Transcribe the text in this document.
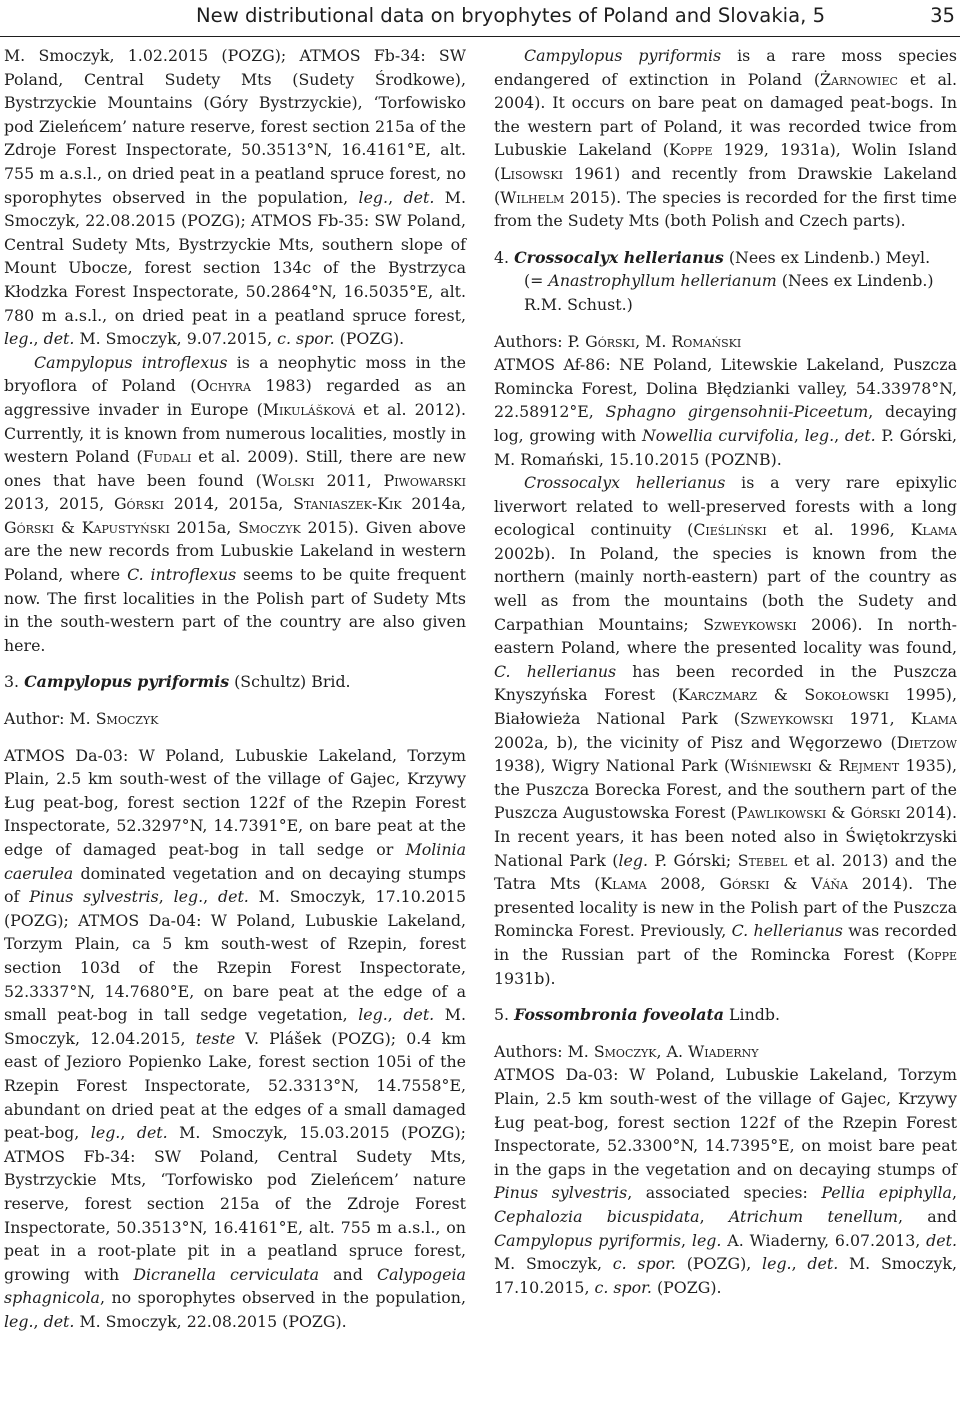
New distributional data on bryophytes of Poland and Slovakia, 5	35

M. Smoczyk, 1.02.2015 (POZG); ATMOS Fb-34: SW Poland, Central Sudety Mts (Sudety Środkowe), Bystrzyckie Mountains (Góry Bystrzyckie), ‘Torfowisko pod Zieleńcem’ nature reserve, forest section 215a of the Zdroje Forest Inspectorate, 50.3513°N, 16.4161°E, alt. 755 m a.s.l., on dried peat in a peatland spruce forest, no sporophytes observed in the population, leg., det. M. Smoczyk, 22.08.2015 (POZG); ATMOS Fb-35: SW Poland, Central Sudety Mts, Bystrzyckie Mts, southern slope of Mount Ubocze, forest section 134c of the Bystrzyca Kłodzka Forest Inspectorate, 50.2864°N, 16.5035°E, alt. 780 m a.s.l., on dried peat in a peatland spruce forest, leg., det. M. Smoczyk, 9.07.2015, c. spor. (POZG).

Campylopus introflexus is a neophytic moss in the bryoflora of Poland (Ochyra 1983) regarded as an aggressive invader in Europe (Mikulášková et al. 2012). Currently, it is known from numerous localities, mostly in western Poland (Fudali et al. 2009). Still, there are new ones that have been found (Wolski 2011, Piwowarski 2013, 2015, Górski 2014, 2015a, Staniaszek-Kik 2014a, Górski & Kapustyński 2015a, Smoczyk 2015). Given above are the new records from Lubuskie Lakeland in western Poland, where C. introflexus seems to be quite frequent now. The first localities in the Polish part of Sudety Mts in the south-western part of the country are also given here.

3. Campylopus pyriformis (Schultz) Brid.

Author: M. Smoczyk

ATMOS Da-03: W Poland, Lubuskie Lakeland, Torzym Plain, 2.5 km south-west of the village of Gajec, Krzywy Ług peat-bog, forest section 122f of the Rzepin Forest Inspectorate, 52.3297°N, 14.7391°E, on bare peat at the edge of damaged peat-bog in tall sedge or Molinia caerulea dominated vegetation and on decaying stumps of Pinus sylvestris, leg., det. M. Smoczyk, 17.10.2015 (POZG); ATMOS Da-04: W Poland, Lubuskie Lakeland, Torzym Plain, ca 5 km south-west of Rzepin, forest section 103d of the Rzepin Forest Inspectorate, 52.3337°N, 14.7680°E, on bare peat at the edge of a small peat-bog in tall sedge vegetation, leg., det. M. Smoczyk, 12.04.2015, teste V. Plášek (POZG); 0.4 km east of Jezioro Popienko Lake, forest section 105i of the Rzepin Forest Inspectorate, 52.3313°N, 14.7558°E, abundant on dried peat at the edges of a small damaged peat-bog, leg., det. M. Smoczyk, 15.03.2015 (POZG); ATMOS Fb-34: SW Poland, Central Sudety Mts, Bystrzyckie Mts, ‘Torfowisko pod Zieleńcem’ nature reserve, forest section 215a of the Zdroje Forest Inspectorate, 50.3513°N, 16.4161°E, alt. 755 m a.s.l., on peat in a root-plate pit in a peatland spruce forest, growing with Dicranella cerviculata and Calypogeia sphagnicola, no sporophytes observed in the population, leg., det. M. Smoczyk, 22.08.2015 (POZG).

Campylopus pyriformis is a rare moss species endangered of extinction in Poland (Żarnowiec et al. 2004). It occurs on bare peat on damaged peat-bogs. In the western part of Poland, it was recorded twice from Lubuskie Lakeland (Koppe 1929, 1931a), Wolin Island (Lisowski 1961) and recently from Drawskie Lakeland (Wilhelm 2015). The species is recorded for the first time from the Sudety Mts (both Polish and Czech parts).

4. Crossocalyx hellerianus (Nees ex Lindenb.) Meyl.

(= Anastrophyllum hellerianum (Nees ex Lindenb.) R.M. Schust.)

Authors: P. Górski, M. Romański

ATMOS Af-86: NE Poland, Litewskie Lakeland, Puszcza Romincka Forest, Dolina Błędzianki valley, 54.33978°N, 22.58912°E, Sphagno girgensohnii-Piceetum, decaying log, growing with Nowellia curvifolia, leg., det. P. Górski, M. Romański, 15.10.2015 (POZNB).

Crossocalyx hellerianus is a very rare epixylic liverwort related to well-preserved forests with a long ecological continuity (Cieśliński et al. 1996, Klama 2002b). In Poland, the species is known from the northern (mainly north-eastern) part of the country as well as from the mountains (both the Sudety and Carpathian Mountains; Szweykowski 2006). In north-eastern Poland, where the presented locality was found, C. hellerianus has been recorded in the Puszcza Knyszyńska Forest (Karczmarz & Sokołowski 1995), Białowieża National Park (Szweykowski 1971, Klama 2002a, b), the vicinity of Pisz and Węgorzewo (Dietzow 1938), Wigry National Park (Wiśniewski & Rejment 1935), the Puszcza Borecka Forest, and the southern part of the Puszcza Augustowska Forest (Pawlikowski & Górski 2014). In recent years, it has been noted also in Świętokrzyski National Park (leg. P. Górski; Stebel et al. 2013) and the Tatra Mts (Klama 2008, Górski & Váňa 2014). The presented locality is new in the Polish part of the Puszcza Romincka Forest. Previously, C. hellerianus was recorded in the Russian part of the Romincka Forest (Koppe 1931b).

5. Fossombronia foveolata Lindb.

Authors: M. Smoczyk, A. Wiaderny

ATMOS Da-03: W Poland, Lubuskie Lakeland, Torzym Plain, 2.5 km south-west of the village of Gajec, Krzywy Ług peat-bog, forest section 122f of the Rzepin Forest Inspectorate, 52.3300°N, 14.7395°E, on moist bare peat in the gaps in the vegetation and on decaying stumps of Pinus sylvestris, associated species: Pellia epiphylla, Cephalozia bicuspidata, Atrichum tenellum, and Campylopus pyriformis, leg. A. Wiaderny, 6.07.2013, det. M. Smoczyk, c. spor. (POZG), leg., det. M. Smoczyk, 17.10.2015, c. spor. (POZG).
